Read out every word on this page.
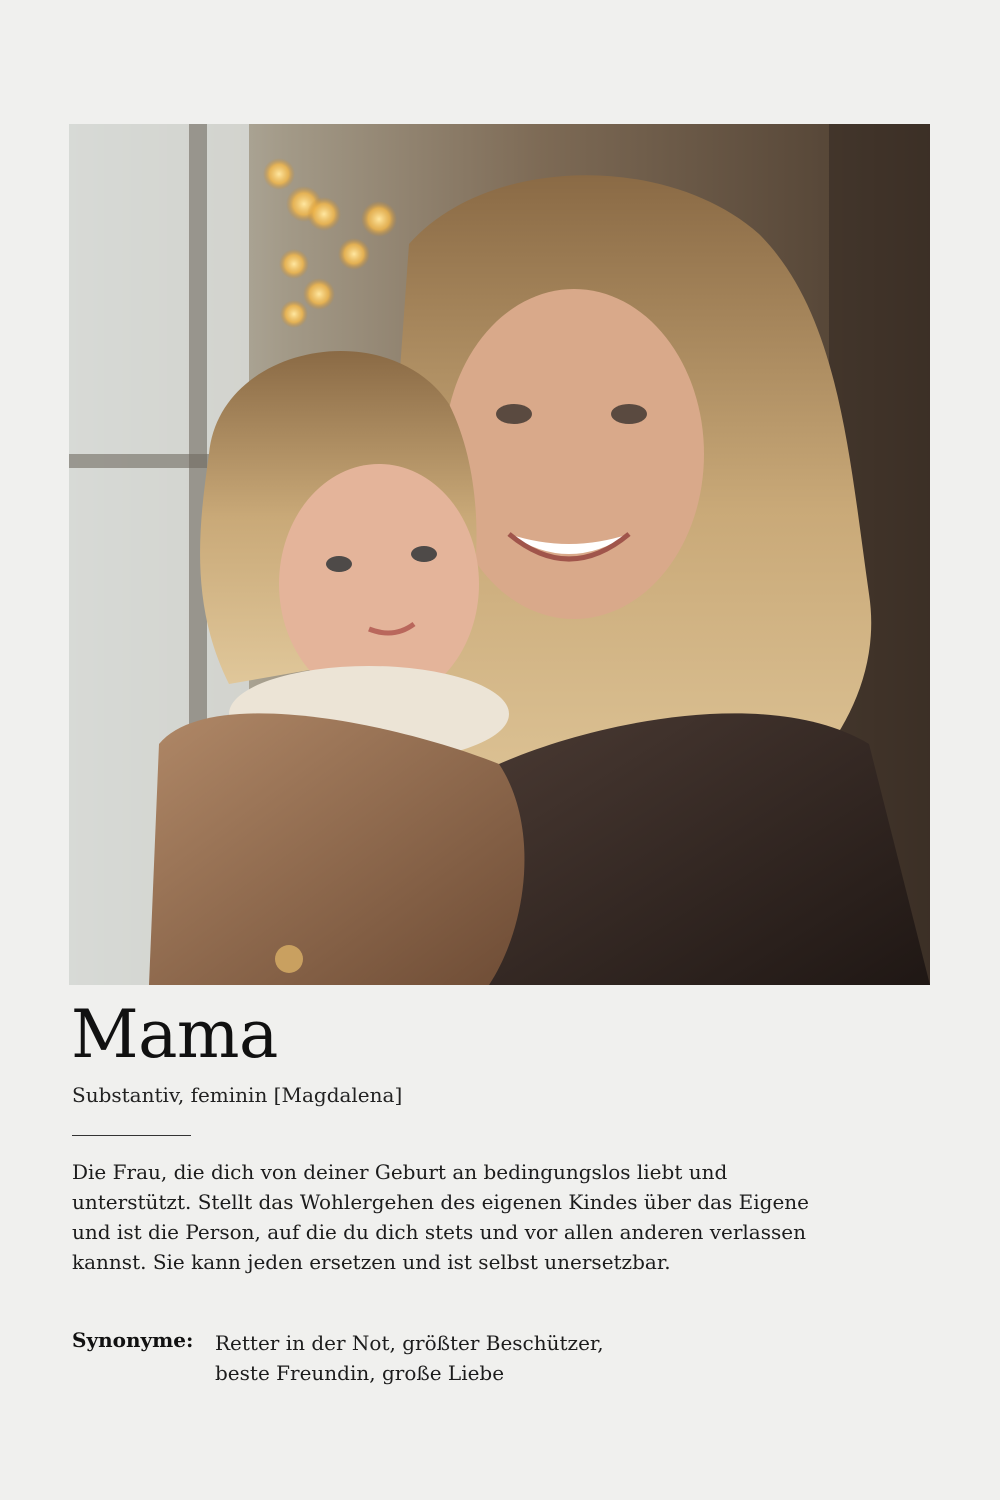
Mama

Substantiv, feminin [Magdalena]

Die Frau, die dich von deiner Geburt an bedingungslos liebt und
unterstützt. Stellt das Wohlergehen des eigenen Kindes über das Eigene
und ist die Person, auf die du dich stets und vor allen anderen verlassen
kannst. Sie kann jeden ersetzen und ist selbst unersetzbar.

Synonyme: Retter in der Not, größter Beschützer,
beste Freundin, große Liebe
